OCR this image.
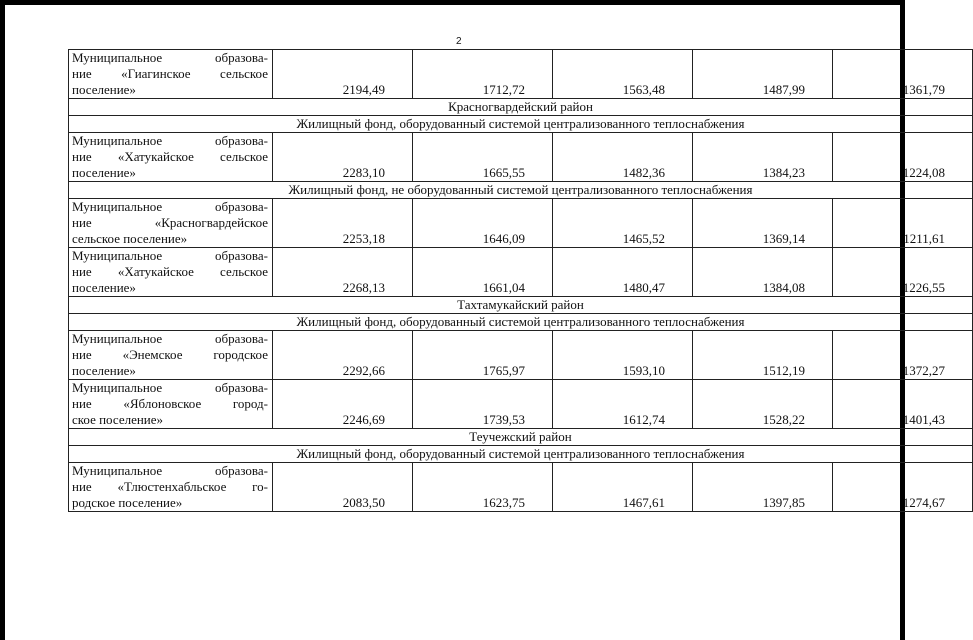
2
Муниципальное образова-
ние «Гиагинское сельское
поселение»	2194,49	1712,72	1563,48	1487,99	1361,79
Красногвардейский район					
Жилищный фонд, оборудованный системой централизованного теплоснабжения					

Муниципальное образова-
ние «Хатукайское сельское
поселение»	2283,10	1665,55	1482,36	1384,23	1224,08
Жилищный фонд, не оборудованный системой централизованного теплоснабжения					

Муниципальное образова-
ние «Красногвардейское
сельское поселение»	2253,18	1646,09	1465,52	1369,14	1211,61

Муниципальное образова-
ние «Хатукайское сельское
поселение»	2268,13	1661,04	1480,47	1384,08	1226,55
Тахтамукайский район					
Жилищный фонд, оборудованный системой централизованного теплоснабжения					

Муниципальное образова-
ние «Энемское городское
поселение»	2292,66	1765,97	1593,10	1512,19	1372,27

Муниципальное образова-
ние «Яблоновское город-
ское поселение»	2246,69	1739,53	1612,74	1528,22	1401,43
Теучежский район					
Жилищный фонд, оборудованный системой централизованного теплоснабжения					

Муниципальное образова-
ние «Тлюстенхабльское го-
родское поселение»	2083,50	1623,75	1467,61	1397,85	1274,67
